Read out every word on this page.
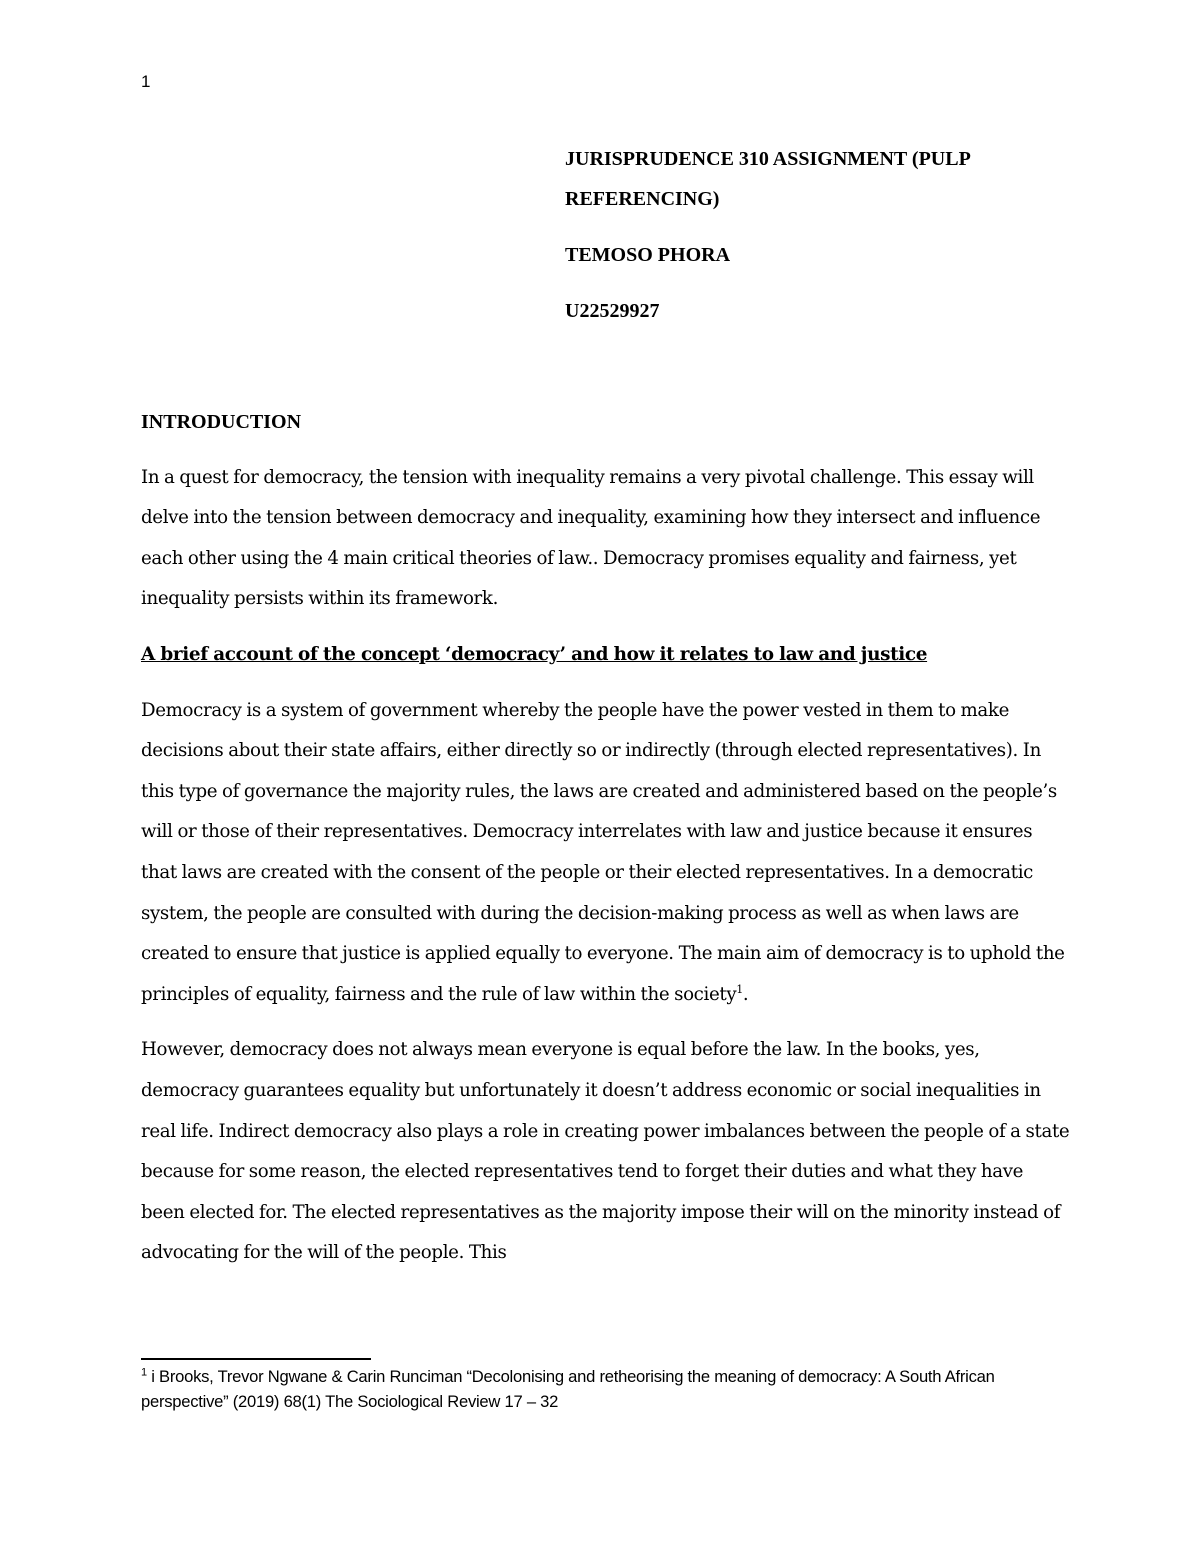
1

JURISPRUDENCE 310 ASSIGNMENT (PULP REFERENCING)

TEMOSO PHORA

U22529927

INTRODUCTION

In a quest for democracy, the tension with inequality remains a very pivotal challenge. This essay will delve into the tension between democracy and inequality, examining how they intersect and influence each other using the 4 main critical theories of law.. Democracy promises equality and fairness, yet inequality persists within its framework.

A brief account of the concept ‘democracy’ and how it relates to law and justice

Democracy is a system of government whereby the people have the power vested in them to make decisions about their state affairs, either directly so or indirectly (through elected representatives). In this type of governance the majority rules, the laws are created and administered based on the people’s will or those of their representatives. Democracy interrelates with law and justice because it ensures that laws are created with the consent of the people or their elected representatives. In a democratic system, the people are consulted with during the decision-making process as well as when laws are created to ensure that justice is applied equally to everyone. The main aim of democracy is to uphold the principles of equality, fairness and the rule of law within the society$^1$.

However, democracy does not always mean everyone is equal before the law. In the books, yes, democracy guarantees equality but unfortunately it doesn’t address economic or social inequalities in real life. Indirect democracy also plays a role in creating power imbalances between the people of a state because for some reason, the elected representatives tend to forget their duties and what they have been elected for. The elected representatives as the majority impose their will on the minority instead of advocating for the will of the people. This

$^1$ i Brooks, Trevor Ngwane & Carin Runciman “Decolonising and retheorising the meaning of democracy: A South African perspective” (2019) 68(1) The Sociological Review 17 – 32
